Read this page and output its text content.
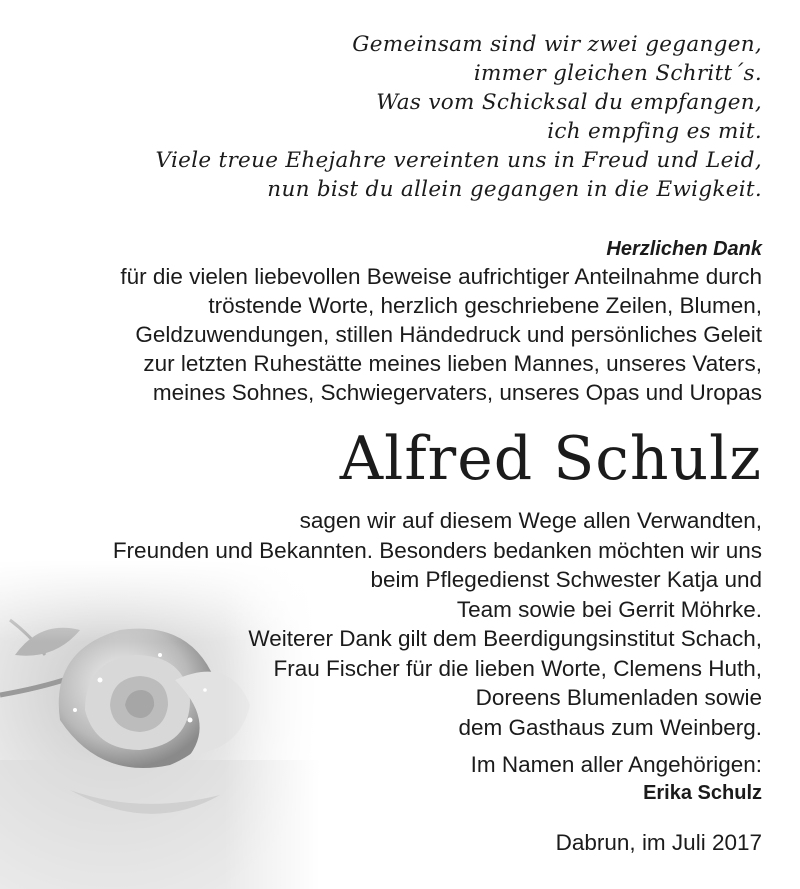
Gemeinsam sind wir zwei gegangen,
immer gleichen Schritt´s.
Was vom Schicksal du empfangen,
ich empfing es mit.
Viele treue Ehejahre vereinten uns in Freud und Leid,
nun bist du allein gegangen in die Ewigkeit.
Herzlichen Dank
für die vielen liebevollen Beweise aufrichtiger Anteilnahme durch
tröstende Worte, herzlich geschriebene Zeilen, Blumen,
Geldzuwendungen, stillen Händedruck und persönliches Geleit
zur letzten Ruhestätte meines lieben Mannes, unseres Vaters,
meines Sohnes, Schwiegervaters, unseres Opas und Uropas
Alfred Schulz
sagen wir auf diesem Wege allen Verwandten,
Freunden und Bekannten. Besonders bedanken möchten wir uns
beim Pflegedienst Schwester Katja und
Team sowie bei Gerrit Möhrke.
Weiterer Dank gilt dem Beerdigungsinstitut Schach,
Frau Fischer für die lieben Worte, Clemens Huth,
Doreens Blumenladen sowie
dem Gasthaus zum Weinberg.
Im Namen aller Angehörigen:
Erika Schulz
Dabrun, im Juli 2017
